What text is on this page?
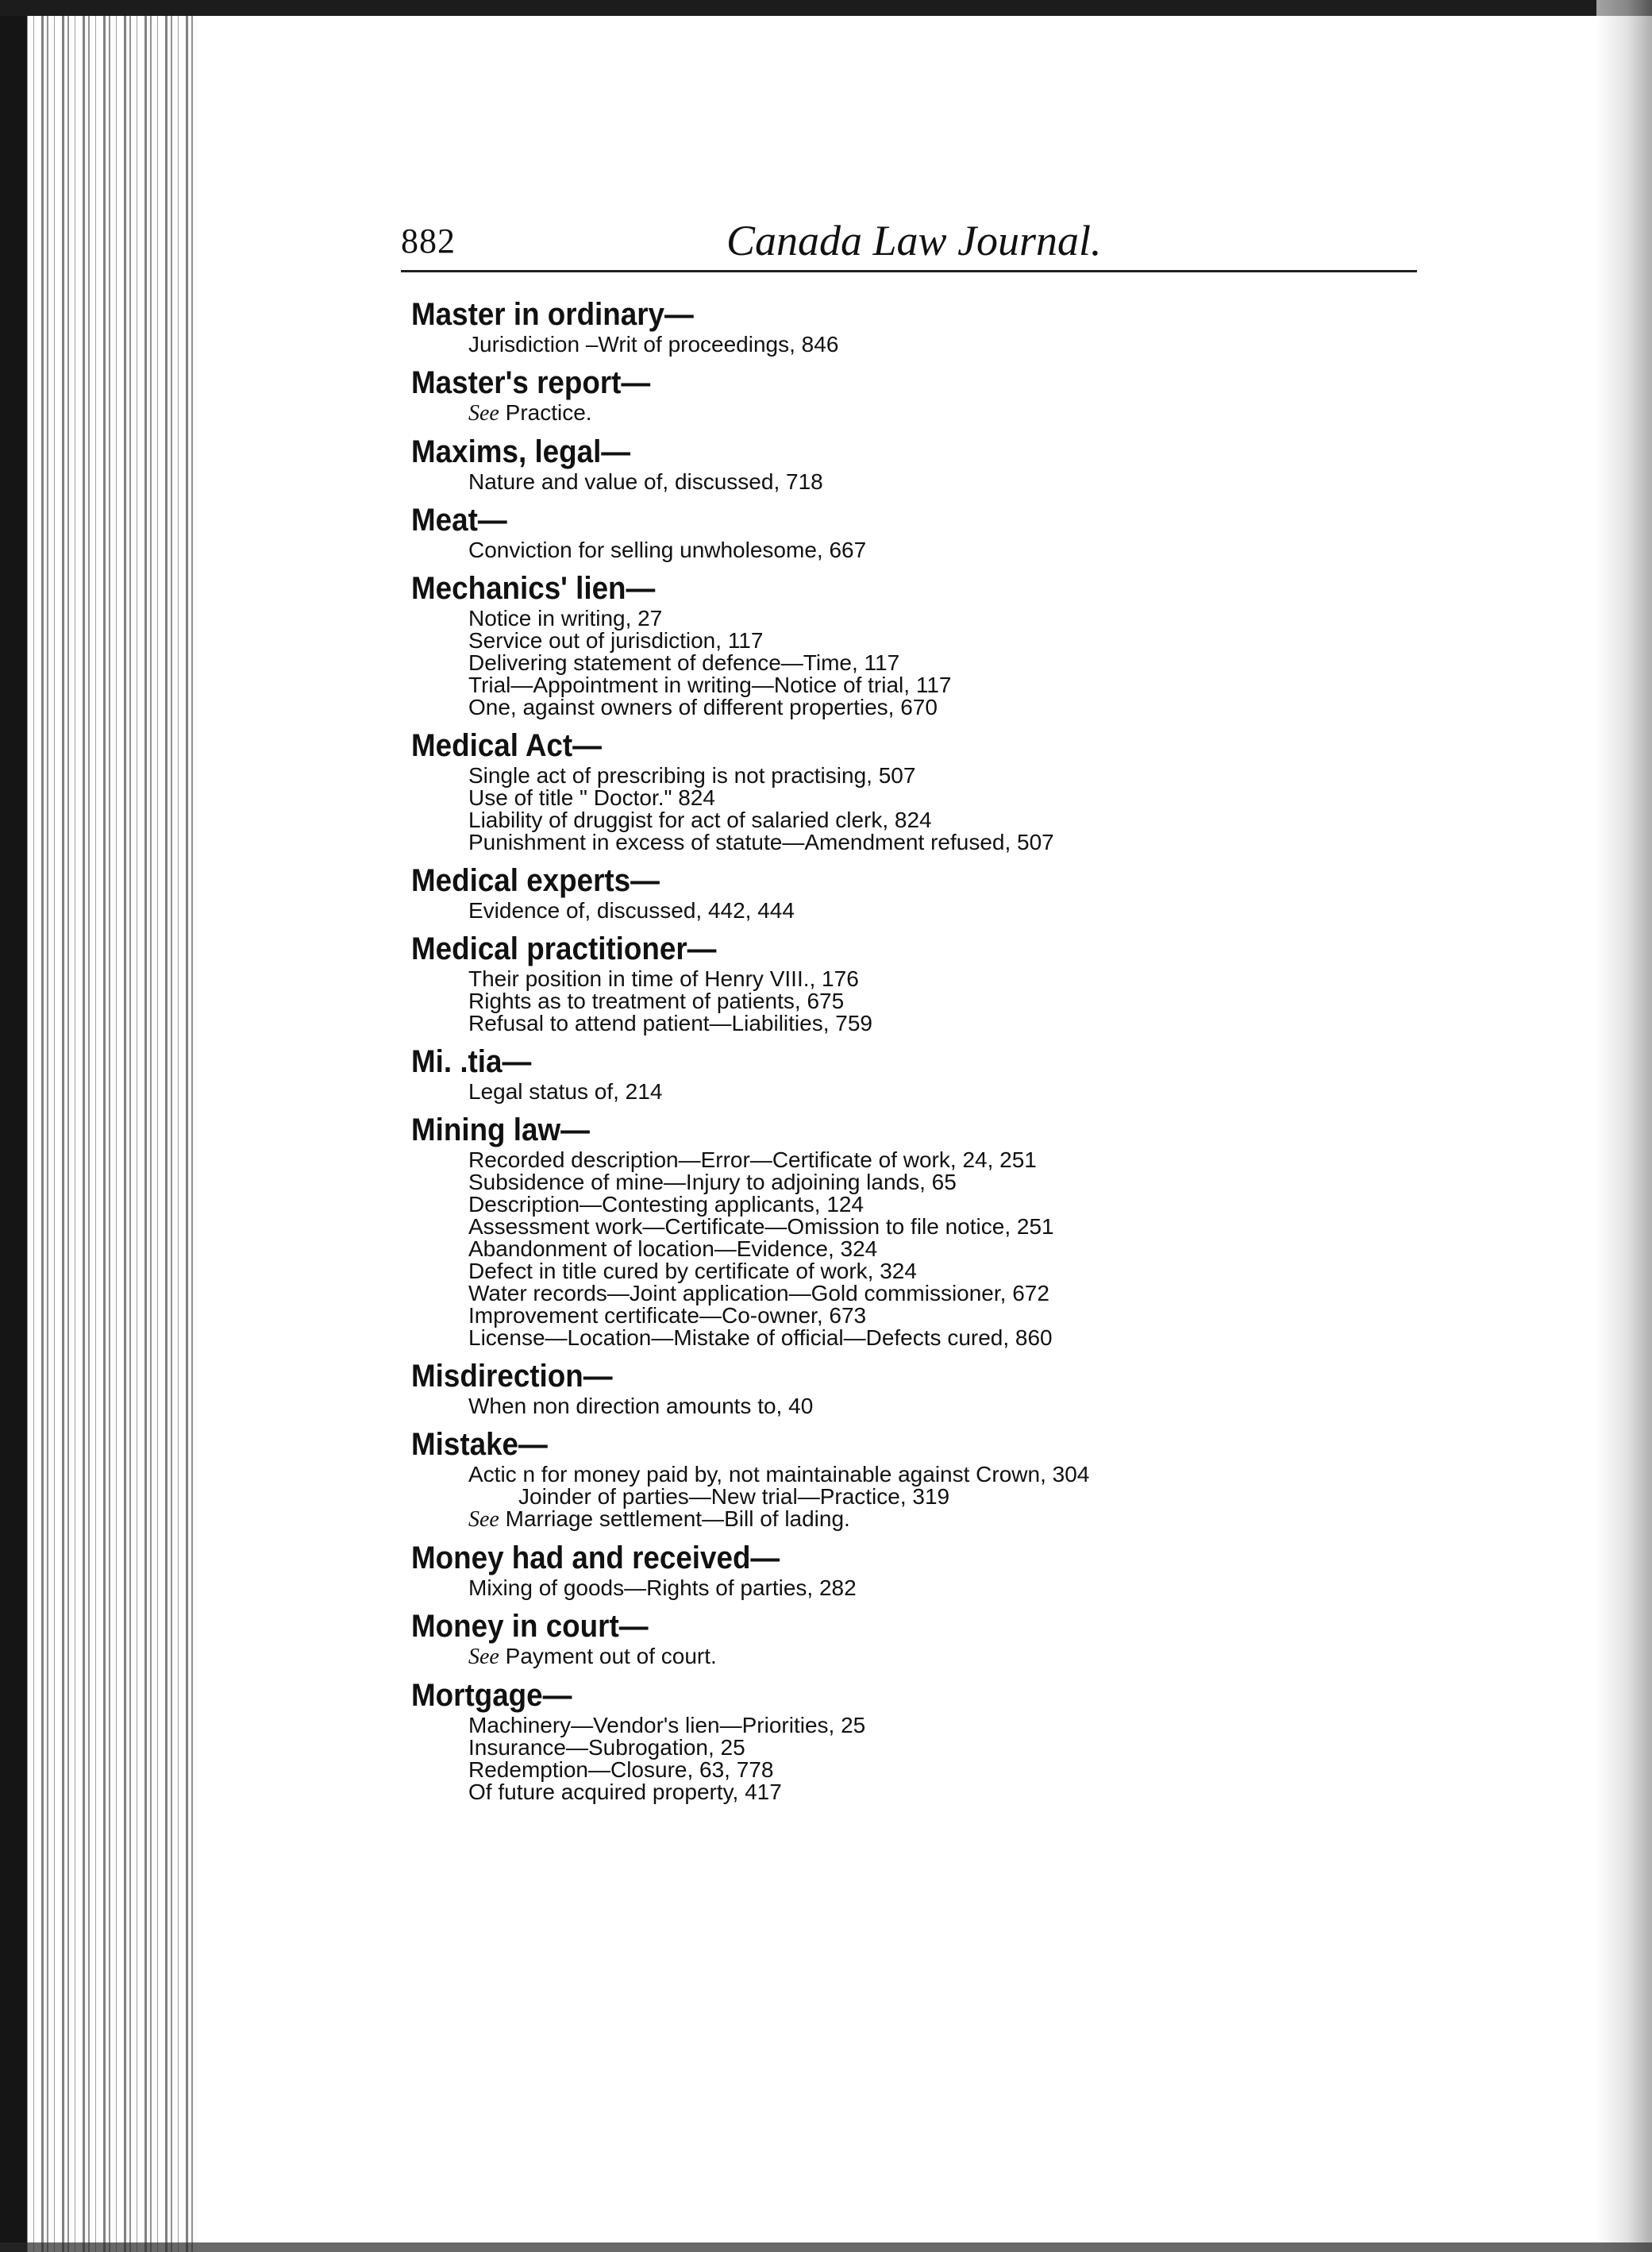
882	Canada Law Journal.
Master in ordinary—
Jurisdiction –Writ of proceedings, 846
Master's report—
See Practice.
Maxims, legal—
Nature and value of, discussed, 718
Meat—
Conviction for selling unwholesome, 667
Mechanics' lien—
Notice in writing, 27
Service out of jurisdiction, 117
Delivering statement of defence—Time, 117
Trial—Appointment in writing—Notice of trial, 117
One, against owners of different properties, 670
Medical Act—
Single act of prescribing is not practising, 507
Use of title " Doctor." 824
Liability of druggist for act of salaried clerk, 824
Punishment in excess of statute—Amendment refused, 507
Medical experts—
Evidence of, discussed, 442, 444
Medical practitioner—
Their position in time of Henry VIII., 176
Rights as to treatment of patients, 675
Refusal to attend patient—Liabilities, 759
Mi. .tia—
Legal status of, 214
Mining law—
Recorded description—Error—Certificate of work, 24, 251
Subsidence of mine—Injury to adjoining lands, 65
Description—Contesting applicants, 124
Assessment work—Certificate—Omission to file notice, 251
Abandonment of location—Evidence, 324
Defect in title cured by certificate of work, 324
Water records—Joint application—Gold commissioner, 672
Improvement certificate—Co-owner, 673
License—Location—Mistake of official—Defects cured, 860
Misdirection—
When non direction amounts to, 40
Mistake—
Actic n for money paid by, not maintainable against Crown, 304
Joinder of parties—New trial—Practice, 319
See Marriage settlement—Bill of lading.
Money had and received—
Mixing of goods—Rights of parties, 282
Money in court—
See Payment out of court.
Mortgage—
Machinery—Vendor's lien—Priorities, 25
Insurance—Subrogation, 25
Redemption—Closure, 63, 778
Of future acquired property, 417
